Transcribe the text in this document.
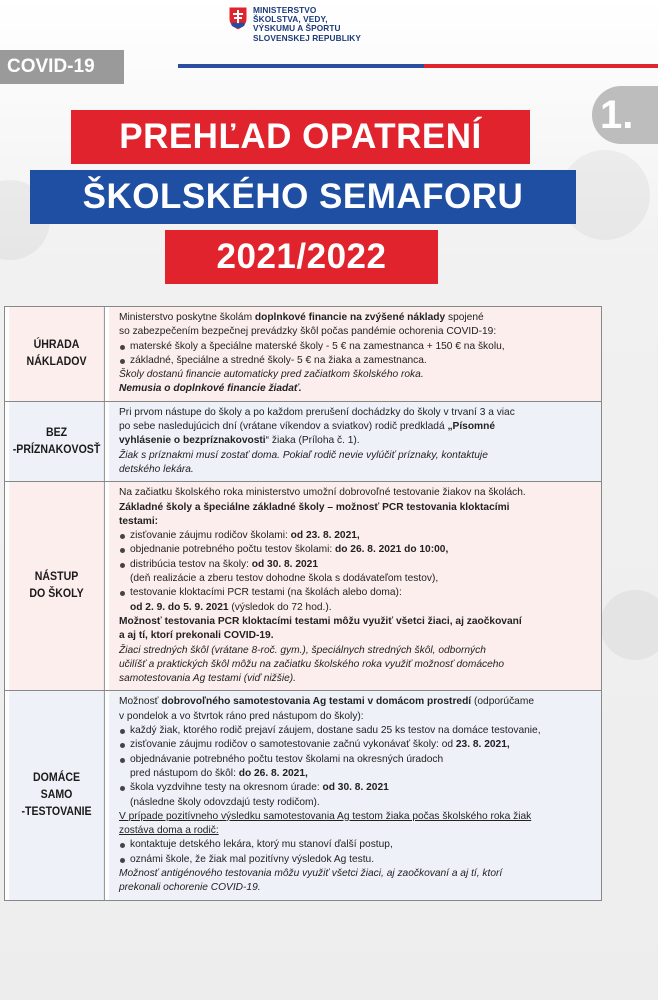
MINISTERSTVO
ŠKOLSTVA, VEDY,
VÝSKUMU A ŠPORTU
SLOVENSKEJ REPUBLIKY
COVID-19
1.
PREHĽAD OPATRENÍ
ŠKOLSKÉHO SEMAFORU
2021/2022
ÚHRADA
NÁKLADOV

Ministerstvo poskytne školám doplnkové financie na zvýšené náklady spojené

so zabezpečením bezpečnej prevádzky škôl počas pandémie ochorenia COVID-19:

materské školy a špeciálne materské školy - 5 € na zamestnanca + 150 € na školu,
základné, špeciálne a stredné školy- 5 € na žiaka a zamestnanca.

Školy dostanú financie automaticky pred začiatkom školského roka.

Nemusia o doplnkové financie žiadať.

BEZ
-PRÍZNAKOVOSŤ

Pri prvom nástupe do školy a po každom prerušení dochádzky do školy v trvaní 3 a viac

po sebe nasledujúcich dní (vrátane víkendov a sviatkov) rodič predkladá „Písomné

vyhlásenie o bezpríznakovosti“ žiaka (Príloha č. 1).

Žiak s príznakmi musí zostať doma. Pokiaľ rodič nevie vylúčiť príznaky, kontaktuje

detského lekára.

NÁSTUP
DO ŠKOLY

Na začiatku školského roka ministerstvo umožní dobrovoľné testovanie žiakov na školách.

Základné školy a špeciálne základné školy – možnosť PCR testovania kloktacími

testami:

zisťovanie záujmu rodičov školami: od 23. 8. 2021,
objednanie potrebného počtu testov školami: do 26. 8. 2021 do 10:00,
distribúcia testov na školy: od 30. 8. 2021
(deň realizácie a zberu testov dohodne škola s dodávateľom testov),
testovanie kloktacími PCR testami (na školách alebo doma):
od 2. 9. do 5. 9. 2021 (výsledok do 72 hod.).

Možnosť testovania PCR kloktacími testami môžu využiť všetci žiaci, aj zaočkovaní

a aj tí, ktorí prekonali COVID-19.

Žiaci stredných škôl (vrátane 8-roč. gym.), špeciálnych stredných škôl, odborných

učilíšť a praktických škôl môžu na začiatku školského roka využiť možnosť domáceho

samotestovania Ag testami (viď nižšie).

DOMÁCE
SAMO
-TESTOVANIE

Možnosť dobrovoľného samotestovania Ag testami v domácom prostredí (odporúčame

v pondelok a vo štvrtok ráno pred nástupom do školy):

každý žiak, ktorého rodič prejaví záujem, dostane sadu 25 ks testov na domáce testovanie,
zisťovanie záujmu rodičov o samotestovanie začnú vykonávať školy: od 23. 8. 2021,
objednávanie potrebného počtu testov školami na okresných úradoch
pred nástupom do škôl: do 26. 8. 2021,
škola vyzdvihne testy na okresnom úrade: od 30. 8. 2021
(následne školy odovzdajú testy rodičom).

V prípade pozitívneho výsledku samotestovania Ag testom žiaka počas školského roka žiak

zostáva doma a rodič:

kontaktuje detského lekára, ktorý mu stanoví ďalší postup,
oznámi škole, že žiak mal pozitívny výsledok Ag testu.

Možnosť antigénového testovania môžu využiť všetci žiaci, aj zaočkovaní a aj tí, ktorí

prekonali ochorenie COVID-19.
